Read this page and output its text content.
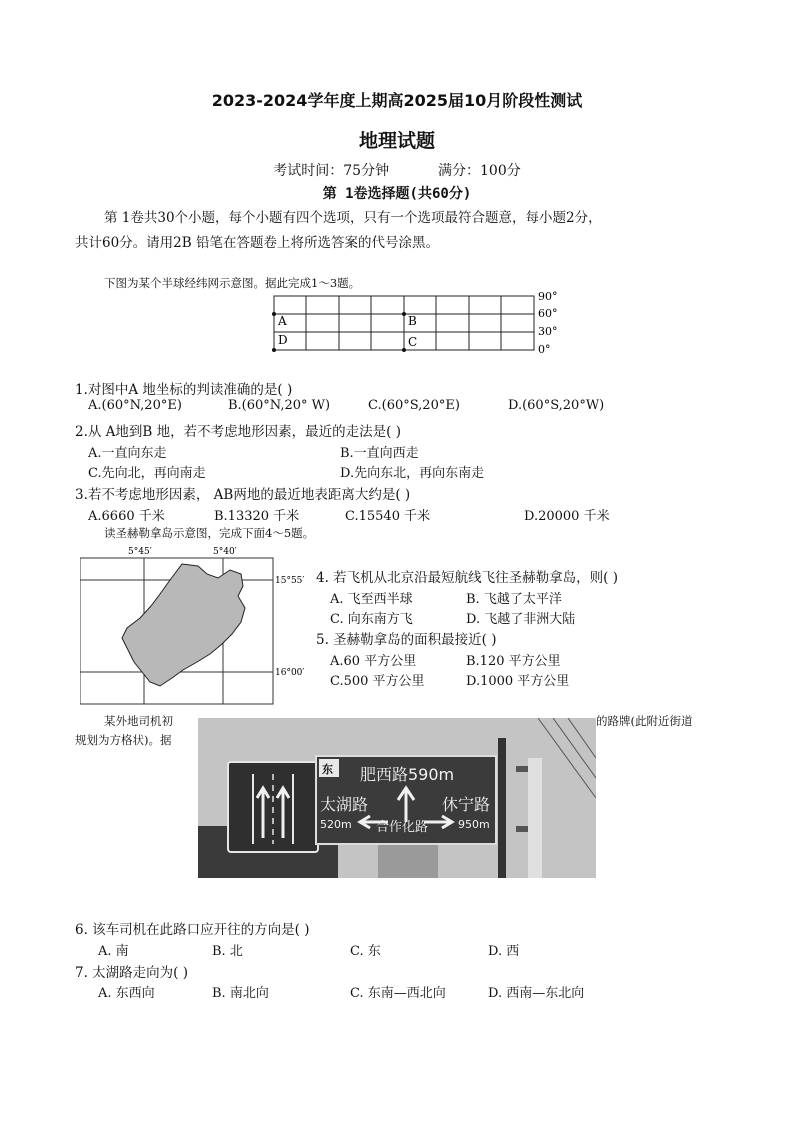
2023-2024学年度上期高2025届10月阶段性测试
地理试题
考试时间：75分钟	满分：100分
第 1卷选择题(共60分)
第 1卷共30个小题，每个小题有四个选项，只有一个选项最符合题意，每小题2分，
共计60分。请用2B 铅笔在答题卷上将所选答案的代号涂黑。
下图为某个半球经纬网示意图。据此完成1～3题。
A	B
D	C
90°
60°
30°
0°
1.对图中A 地坐标的判读准确的是( )
A.(60°N,20°E)	B.(60°N,20° W)	C.(60°S,20°E)	D.(60°S,20°W)
2.从 A地到B 地，若不考虑地形因素，最近的走法是( )
A.一直向东走	B.一直向西走
C.先向北，再向南走	D.先向东北，再向东南走
3.若不考虑地形因素， AB两地的最近地表距离大约是( )
A.6660 千米	B.13320 千米	C.15540 千米	D.20000 千米
读圣赫勒拿岛示意图，完成下面4～5题。
5°45′	5°40′
15°55′
16°00′
4. 若飞机从北京沿最短航线飞往圣赫勒拿岛，则( )
A. 飞至西半球	B. 飞越了太平洋
C. 向东南方飞	D. 飞越了非洲大陆
5. 圣赫勒拿岛的面积最接近( )
A.60 平方公里	B.120 平方公里
C.500 平方公里	D.1000 平方公里
某外地司机初	的路牌(此附近街道
规划为方格状)。据
东 肥西路590m
太湖路
520m
休宁路
950m
合作化路
6. 该车司机在此路口应开往的方向是( )
A. 南	B. 北	C. 东	D. 西
7. 太湖路走向为( )
A. 东西向	B. 南北向	C. 东南—西北向	D. 西南—东北向
